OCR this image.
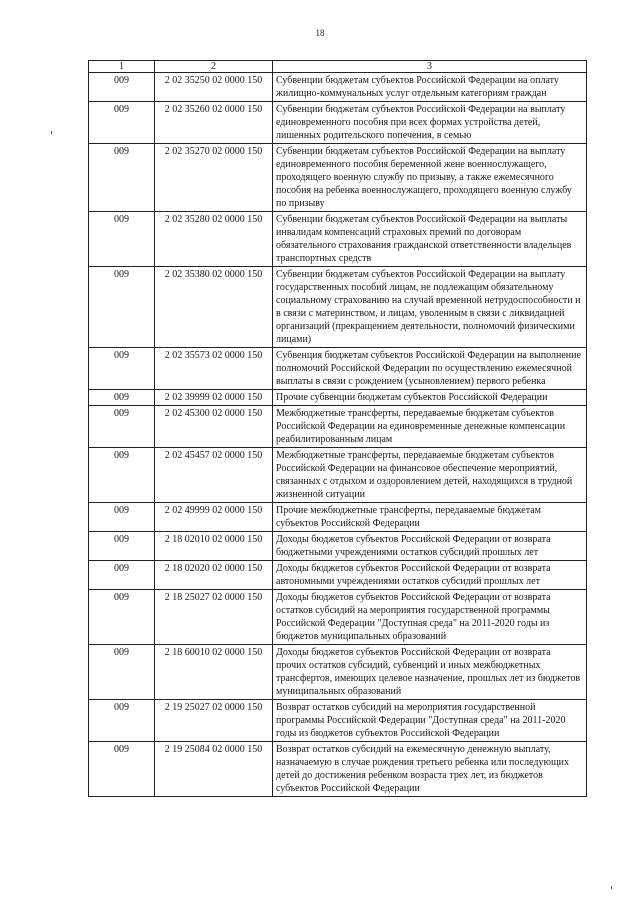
18
1	2	3
009	2 02 35250 02 0000 150	Субвенции бюджетам субъектов Российской Федерации на оплату жилищно-коммунальных услуг отдельным категориям граждан
009	2 02 35260 02 0000 150	Субвенции бюджетам субъектов Российской Федерации на выплату единовременного пособия при всех формах устройства детей, лишенных родительского попечения, в семью
009	2 02 35270 02 0000 150	Субвенции бюджетам субъектов Российской Федерации на выплату единовременного пособия беременной жене военнослужащего, проходящего военную службу по призыву, а также ежемесячного пособия на ребенка военнослужащего, проходящего военную службу по призыву
009	2 02 35280 02 0000 150	Субвенции бюджетам субъектов Российской Федерации на выплаты инвалидам компенсаций страховых премий по договорам обязательного страхования гражданской ответственности владельцев транспортных средств
009	2 02 35380 02 0000 150	Субвенции бюджетам субъектов Российской Федерации на выплату государственных пособий лицам, не подлежащим обязательному социальному страхованию на случай временной нетрудоспособности и в связи с материнством, и лицам, уволенным в связи с ликвидацией организаций (прекращением деятельности, полномочий физическими лицами)
009	2 02 35573 02 0000 150	Субвенция бюджетам субъектов Российской Федерации на выполнение полномочий Российской Федерации по осуществлению ежемесячной выплаты в связи с рождением (усыновлением) первого ребенка
009	2 02 39999 02 0000 150	Прочие субвенции бюджетам субъектов Российской Федерации
009	2 02 45300 02 0000 150	Межбюджетные трансферты, передаваемые бюджетам субъектов Российской Федерации на единовременные денежные компенсации реабилитированным лицам
009	2 02 45457 02 0000 150	Межбюджетные трансферты, передаваемые бюджетам субъектов Российской Федерации на финансовое обеспечение мероприятий, связанных с отдыхом и оздоровлением детей, находящихся в трудной жизненной ситуации
009	2 02 49999 02 0000 150	Прочие межбюджетные трансферты, передаваемые бюджетам субъектов Российской Федерации
009	2 18 02010 02 0000 150	Доходы бюджетов субъектов Российской Федерации от возврата бюджетными учреждениями остатков субсидий прошлых лет
009	2 18 02020 02 0000 150	Доходы бюджетов субъектов Российской Федерации от возврата автономными учреждениями остатков субсидий прошлых лет
009	2 18 25027 02 0000 150	Доходы бюджетов субъектов Российской Федерации от возврата остатков субсидий на мероприятия государственной программы Российской Федерации "Доступная среда" на 2011-2020 годы из бюджетов муниципальных образований
009	2 18 60010 02 0000 150	Доходы бюджетов субъектов Российской Федерации от возврата прочих остатков субсидий, субвенций и иных межбюджетных трансфертов, имеющих целевое назначение, прошлых лет из бюджетов муниципальных образований
009	2 19 25027 02 0000 150	Возврат остатков субсидий на мероприятия государственной программы Российской Федерации "Доступная среда" на 2011-2020 годы из бюджетов субъектов Российской Федерации
009	2 19 25084 02 0000 150	Возврат остатков субсидий на ежемесячную денежную выплату, назначаемую в случае рождения третьего ребенка или последующих детей до достижения ребенком возраста трех лет, из бюджетов субъектов Российской Федерации
